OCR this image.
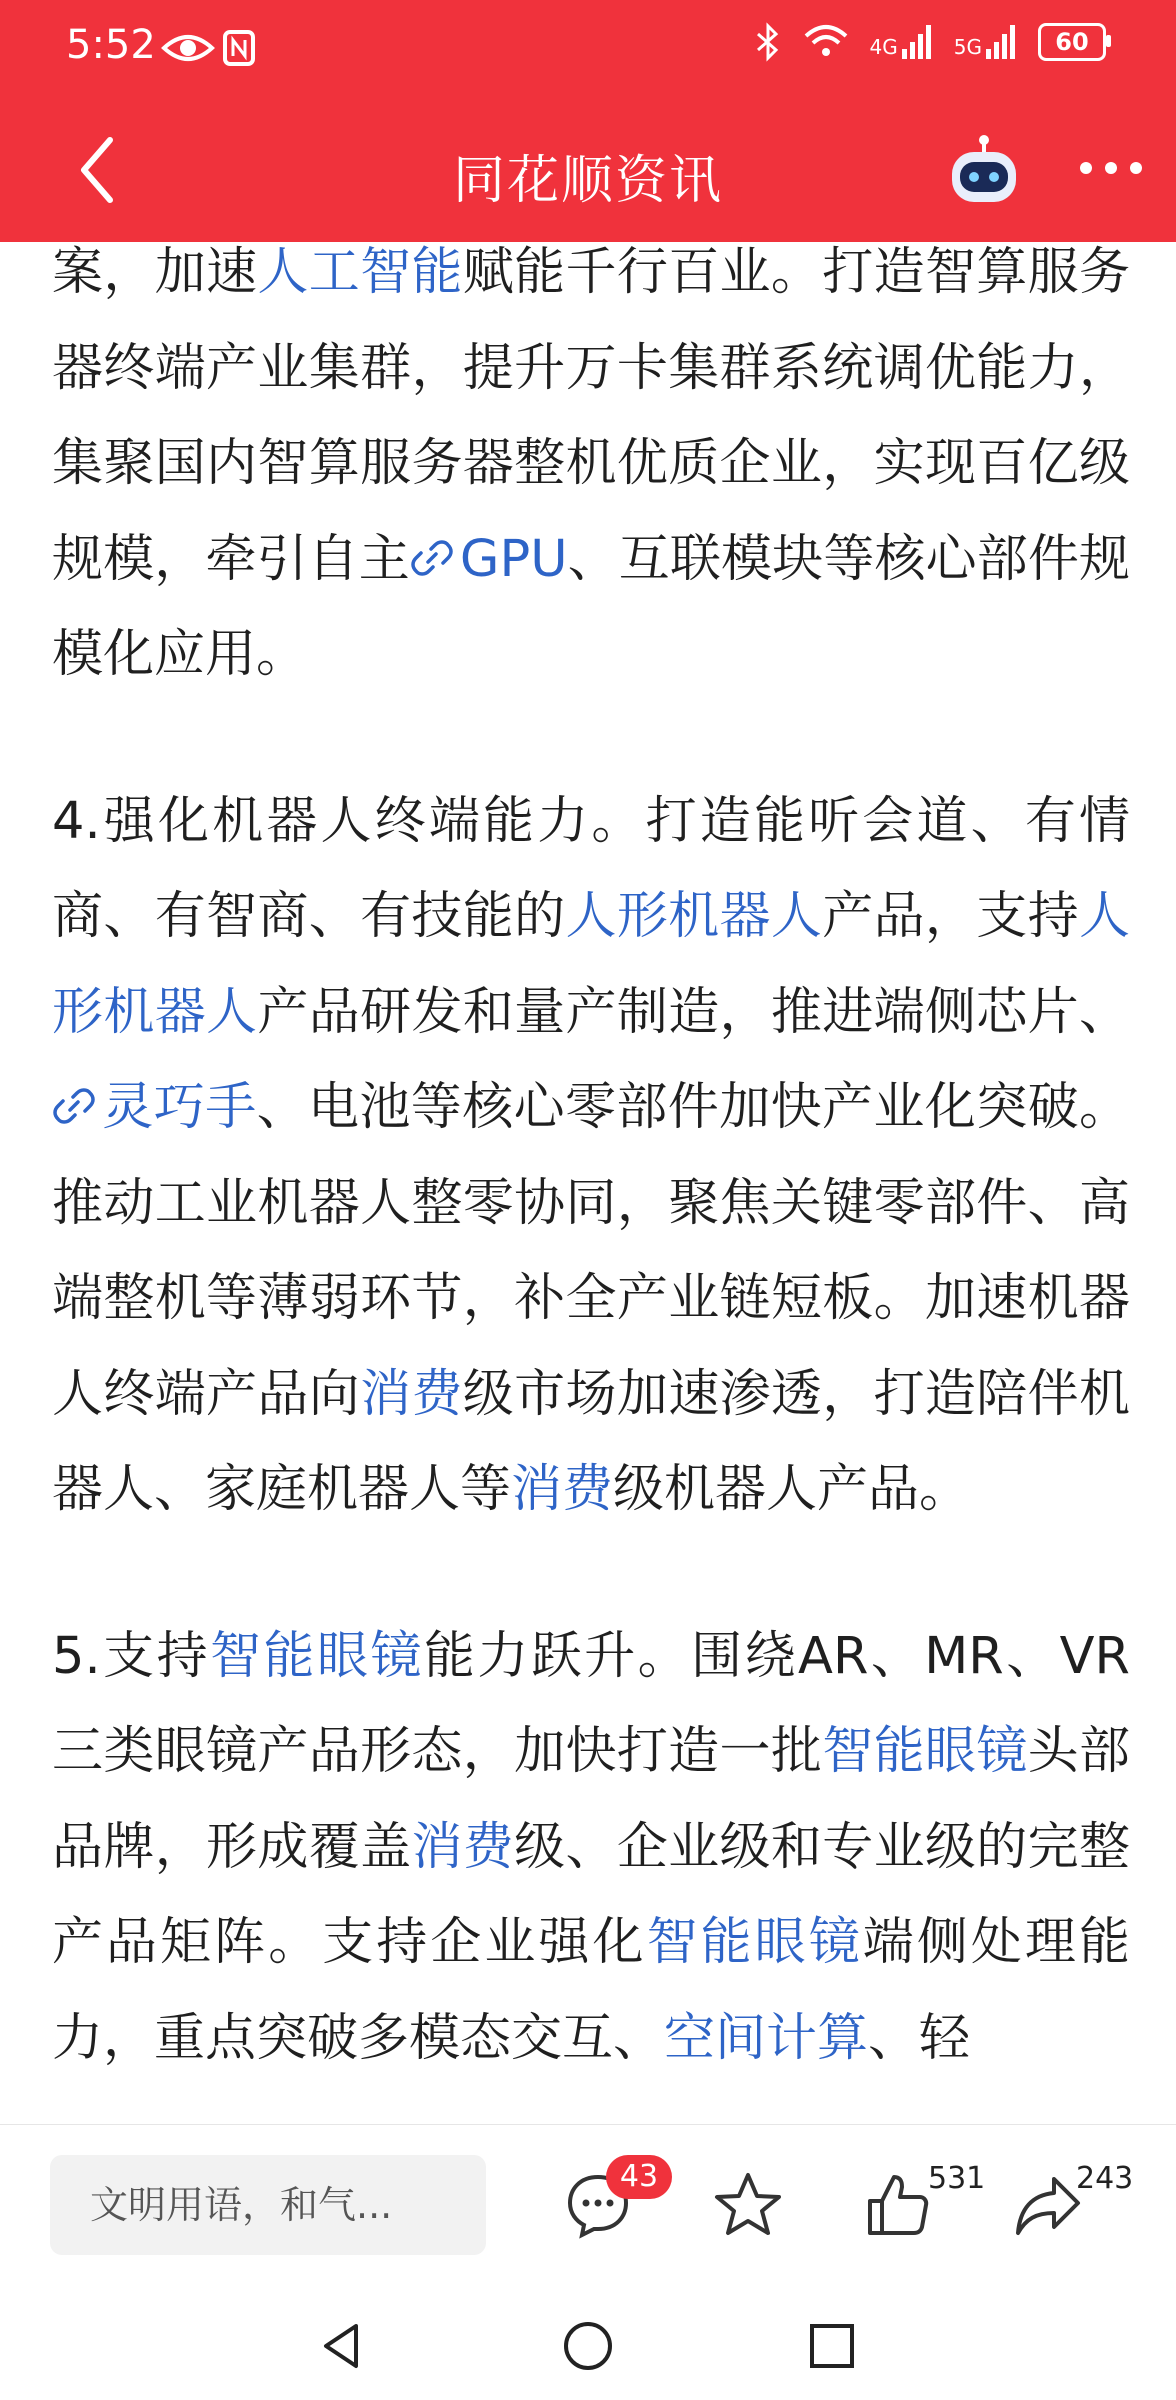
5:52	4G	5G	60
同花顺资讯

案，加速人工智能赋能千行百业。打造智算服务器终端产业集群，提升万卡集群系统调优能力，集聚国内智算服务器整机优质企业，实现百亿级规模，牵引自主 GPU、互联模块等核心部件规模化应用。

4.强化机器人终端能力。打造能听会道、有情商、有智商、有技能的人形机器人产品，支持人形机器人产品研发和量产制造，推进端侧芯片、灵巧手、电池等核心零部件加快产业化突破。推动工业机器人整零协同，聚焦关键零部件、高端整机等薄弱环节，补全产业链短板。加速机器人终端产品向消费级市场加速渗透，打造陪伴机器人、家庭机器人等消费级机器人产品。

5.支持智能眼镜能力跃升。围绕AR、MR、VR三类眼镜产品形态，加快打造一批智能眼镜头部品牌，形成覆盖消费级、企业级和专业级的完整产品矩阵。支持企业强化智能眼镜端侧处理能力，重点突破多模态交互、空间计算、轻

文明用语，和气...
43	531	243
